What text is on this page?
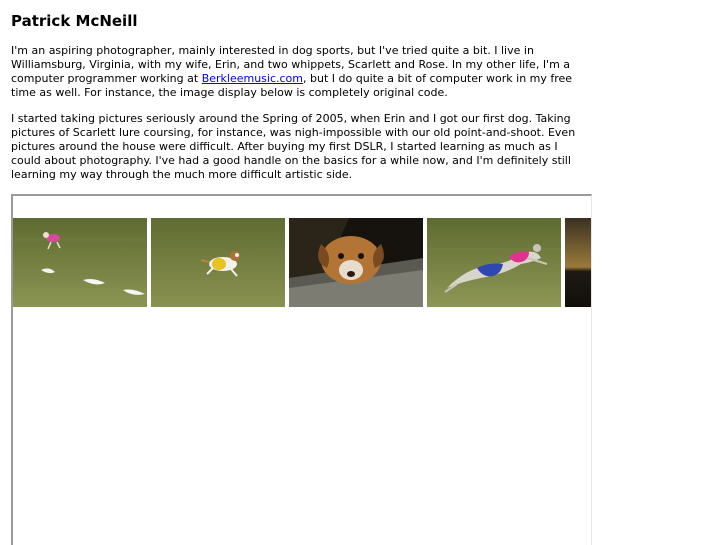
Patrick McNeill

I'm an aspiring photographer, mainly interested in dog sports, but I've tried quite a bit. I live in Williamsburg, Virginia, with my wife, Erin, and two whippets, Scarlett and Rose. In my other life, I'm a computer programmer working at Berkleemusic.com, but I do quite a bit of computer work in my free time as well. For instance, the image display below is completely original code.

I started taking pictures seriously around the Spring of 2005, when Erin and I got our first dog. Taking pictures of Scarlett lure coursing, for instance, was nigh-impossible with our old point-and-shoot. Even pictures around the house were difficult. After buying my first DSLR, I started learning as much as I could about photography. I've had a good handle on the basics for a while now, and I'm definitely still learning my way through the much more difficult artistic side.
